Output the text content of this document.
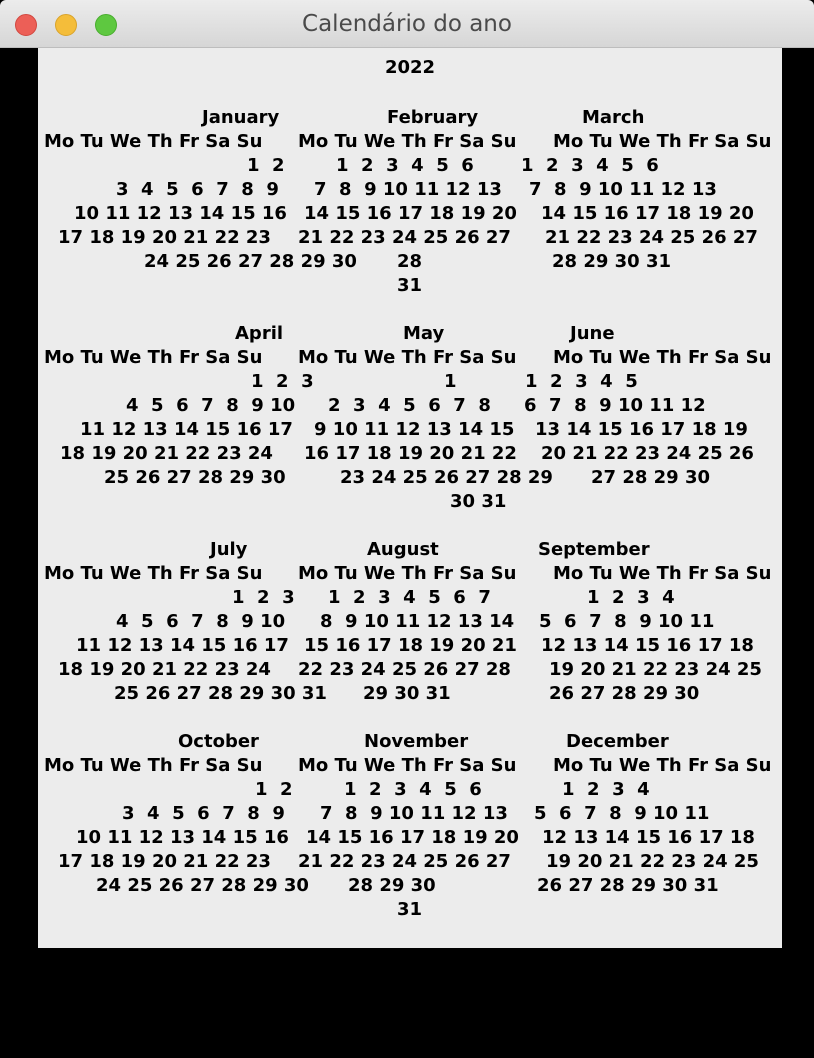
Calendário do ano
2022
January
Mo Tu We Th Fr Sa Su
1  2
3  4  5  6  7  8  9
10 11 12 13 14 15 16
17 18 19 20 21 22 23
24 25 26 27 28 29 30
31
February
Mo Tu We Th Fr Sa Su
1  2  3  4  5  6
7  8  9 10 11 12 13
14 15 16 17 18 19 20
21 22 23 24 25 26 27
28
March
Mo Tu We Th Fr Sa Su
1  2  3  4  5  6
7  8  9 10 11 12 13
14 15 16 17 18 19 20
21 22 23 24 25 26 27
28 29 30 31
April
Mo Tu We Th Fr Sa Su
1  2  3
4  5  6  7  8  9 10
11 12 13 14 15 16 17
18 19 20 21 22 23 24
25 26 27 28 29 30
May
Mo Tu We Th Fr Sa Su
1
2  3  4  5  6  7  8
9 10 11 12 13 14 15
16 17 18 19 20 21 22
23 24 25 26 27 28 29
30 31
June
Mo Tu We Th Fr Sa Su
1  2  3  4  5
6  7  8  9 10 11 12
13 14 15 16 17 18 19
20 21 22 23 24 25 26
27 28 29 30
July
Mo Tu We Th Fr Sa Su
1  2  3
4  5  6  7  8  9 10
11 12 13 14 15 16 17
18 19 20 21 22 23 24
25 26 27 28 29 30 31
August
Mo Tu We Th Fr Sa Su
1  2  3  4  5  6  7
8  9 10 11 12 13 14
15 16 17 18 19 20 21
22 23 24 25 26 27 28
29 30 31
September
Mo Tu We Th Fr Sa Su
1  2  3  4
5  6  7  8  9 10 11
12 13 14 15 16 17 18
19 20 21 22 23 24 25
26 27 28 29 30
October
Mo Tu We Th Fr Sa Su
1  2
3  4  5  6  7  8  9
10 11 12 13 14 15 16
17 18 19 20 21 22 23
24 25 26 27 28 29 30
31
November
Mo Tu We Th Fr Sa Su
1  2  3  4  5  6
7  8  9 10 11 12 13
14 15 16 17 18 19 20
21 22 23 24 25 26 27
28 29 30
December
Mo Tu We Th Fr Sa Su
1  2  3  4
5  6  7  8  9 10 11
12 13 14 15 16 17 18
19 20 21 22 23 24 25
26 27 28 29 30 31
